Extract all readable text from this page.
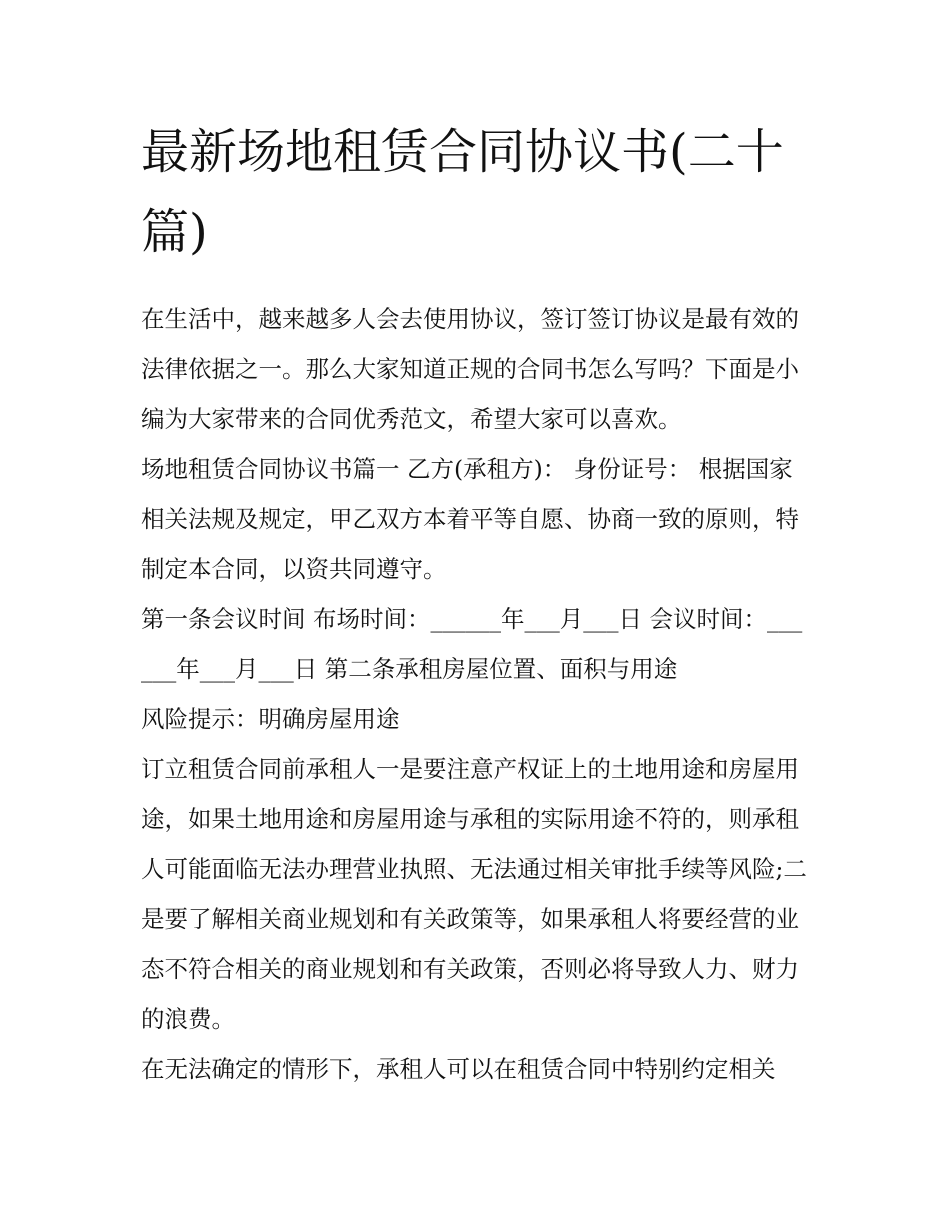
最新场地租赁合同协议书(二十篇)

在生活中，越来越多人会去使用协议，签订签订协议是最有效的法律依据之一。那么大家知道正规的合同书怎么写吗？下面是小编为大家带来的合同优秀范文，希望大家可以喜欢。

场地租赁合同协议书篇一 乙方(承租方)： 身份证号： 根据国家相关法规及规定，甲乙双方本着平等自愿、协商一致的原则，特制定本合同，以资共同遵守。

第一条会议时间 布场时间：______年___月___日 会议时间：______年___月___日 第二条承租房屋位置、面积与用途

风险提示：明确房屋用途

订立租赁合同前承租人一是要注意产权证上的土地用途和房屋用途，如果土地用途和房屋用途与承租的实际用途不符的，则承租人可能面临无法办理营业执照、无法通过相关审批手续等风险;二是要了解相关商业规划和有关政策等，如果承租人将要经营的业态不符合相关的商业规划和有关政策，否则必将导致人力、财力的浪费。

在无法确定的情形下，承租人可以在租赁合同中特别约定相关
